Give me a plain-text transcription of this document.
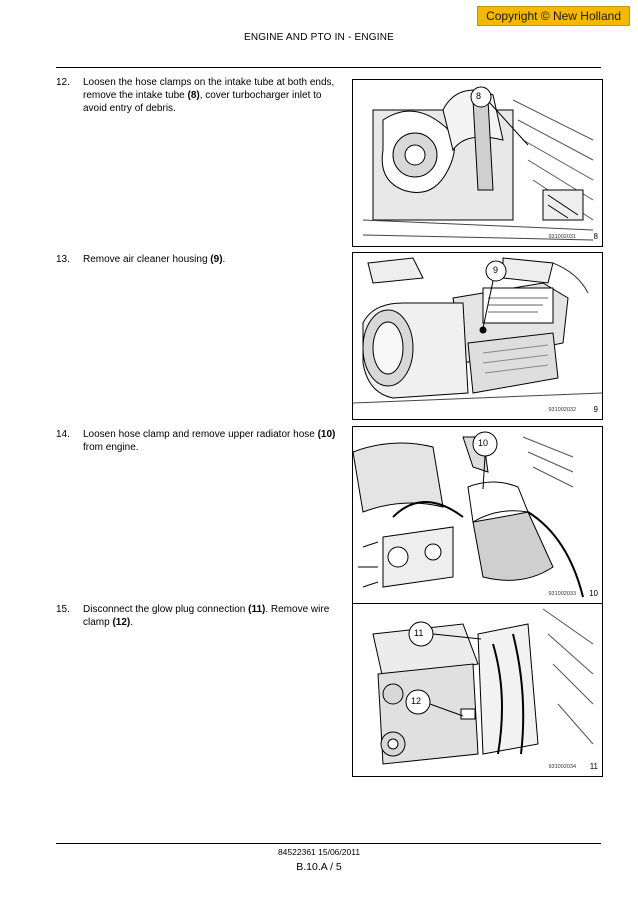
Copyright © New Holland
ENGINE AND PTO IN - ENGINE
12.	Loosen the hose clamps on the intake tube at both ends, remove the intake tube (8), cover turbocharger inlet to avoid entry of debris.
8
931002031 8
13.	Remove air cleaner housing (9).
9
931002032 9
14.	Loosen hose clamp and remove upper radiator hose (10) from engine.	10
931002033 10
15.	Disconnect the glow plug connection (11). Remove wire clamp (12).
11
12
931002034 11
84522361 15/06/2011
B.10.A / 5
